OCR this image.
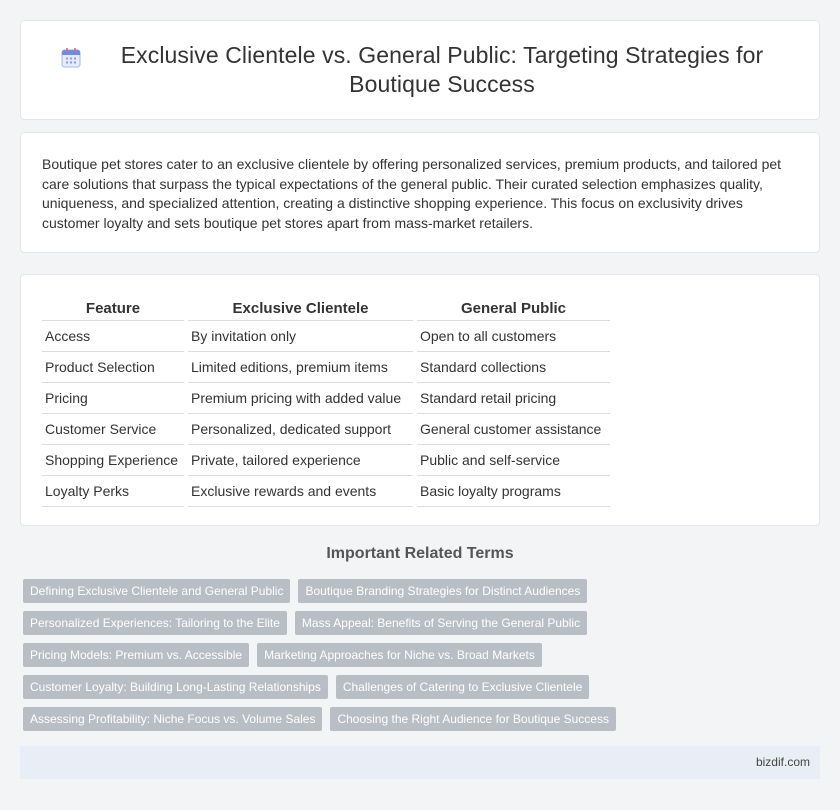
Exclusive Clientele vs. General Public: Targeting Strategies for Boutique Success

Boutique pet stores cater to an exclusive clientele by offering personalized services, premium products, and tailored pet care solutions that surpass the typical expectations of the general public. Their curated selection emphasizes quality, uniqueness, and specialized attention, creating a distinctive shopping experience. This focus on exclusivity drives customer loyalty and sets boutique pet stores apart from mass-market retailers.

Feature	Exclusive Clientele	General Public
Access	By invitation only	Open to all customers
Product Selection	Limited editions, premium items	Standard collections
Pricing	Premium pricing with added value	Standard retail pricing
Customer Service	Personalized, dedicated support	General customer assistance
Shopping Experience	Private, tailored experience	Public and self-service
Loyalty Perks	Exclusive rewards and events	Basic loyalty programs
Important Related Terms
Defining Exclusive Clientele and General Public	Boutique Branding Strategies for Distinct Audiences
Personalized Experiences: Tailoring to the Elite	Mass Appeal: Benefits of Serving the General Public
Pricing Models: Premium vs. Accessible	Marketing Approaches for Niche vs. Broad Markets
Customer Loyalty: Building Long-Lasting Relationships	Challenges of Catering to Exclusive Clientele
Assessing Profitability: Niche Focus vs. Volume Sales	Choosing the Right Audience for Boutique Success
bizdif.com
